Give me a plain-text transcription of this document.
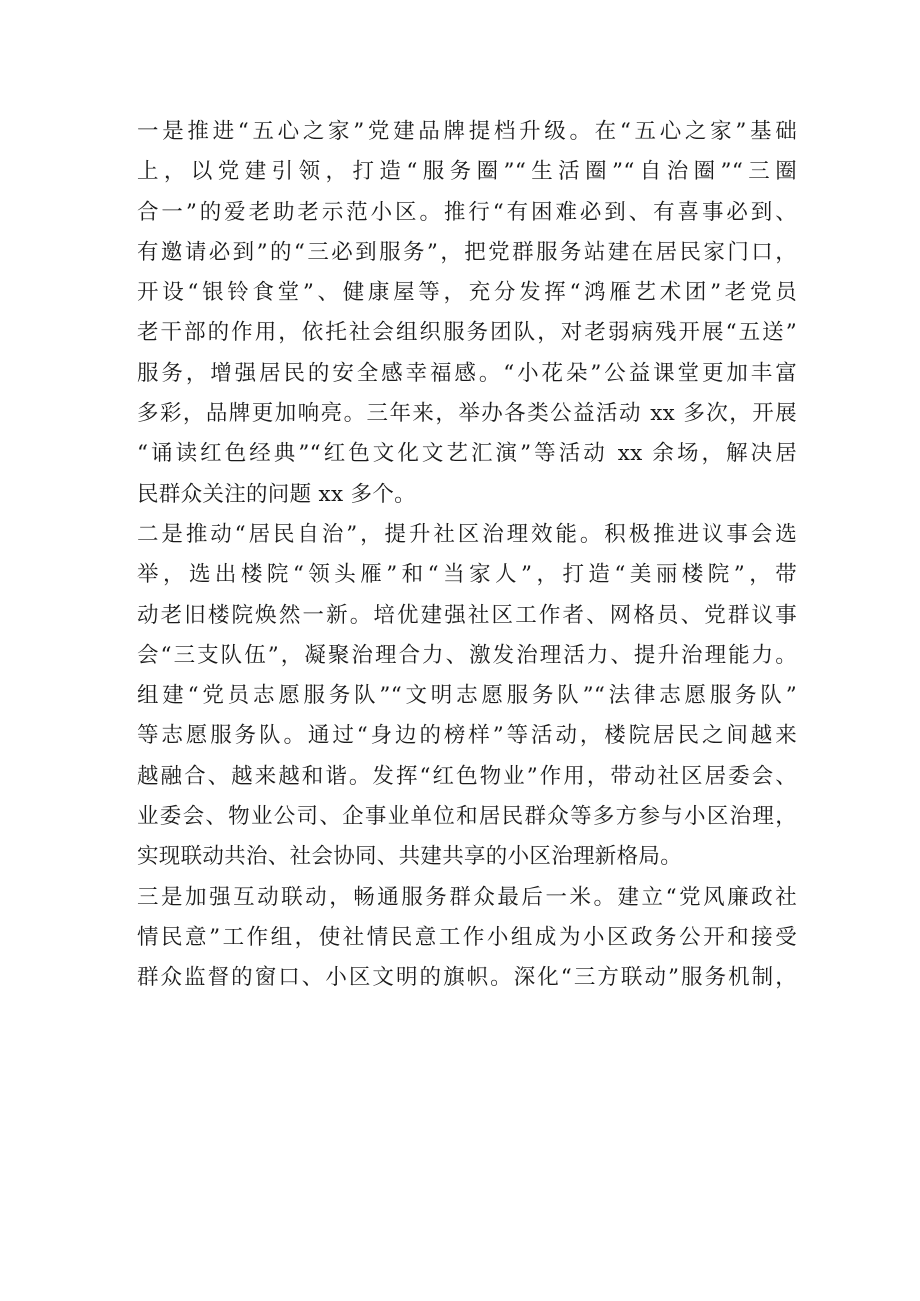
一是推进“五心之家”党建品牌提档升级。在“五心之家”基础
上，以党建引领，打造“服务圈”“生活圈”“自治圈”“三圈
合一”的爱老助老示范小区。推行“有困难必到、有喜事必到、
有邀请必到”的“三必到服务”，把党群服务站建在居民家门口，
开设“银铃食堂”、健康屋等，充分发挥“鸿雁艺术团”老党员
老干部的作用，依托社会组织服务团队，对老弱病残开展“五送”
服务，增强居民的安全感幸福感。“小花朵”公益课堂更加丰富
多彩，品牌更加响亮。三年来，举办各类公益活动 xx 多次，开展
“诵读红色经典”“红色文化文艺汇演”等活动 xx 余场，解决居
民群众关注的问题 xx 多个。
二是推动“居民自治”，提升社区治理效能。积极推进议事会选
举，选出楼院“领头雁”和“当家人”，打造“美丽楼院”，带
动老旧楼院焕然一新。培优建强社区工作者、网格员、党群议事
会“三支队伍”，凝聚治理合力、激发治理活力、提升治理能力。
组建“党员志愿服务队”“文明志愿服务队”“法律志愿服务队”
等志愿服务队。通过“身边的榜样”等活动，楼院居民之间越来
越融合、越来越和谐。发挥“红色物业”作用，带动社区居委会、
业委会、物业公司、企事业单位和居民群众等多方参与小区治理，
实现联动共治、社会协同、共建共享的小区治理新格局。
三是加强互动联动，畅通服务群众最后一米。建立“党风廉政社
情民意”工作组，使社情民意工作小组成为小区政务公开和接受
群众监督的窗口、小区文明的旗帜。深化“三方联动”服务机制，
